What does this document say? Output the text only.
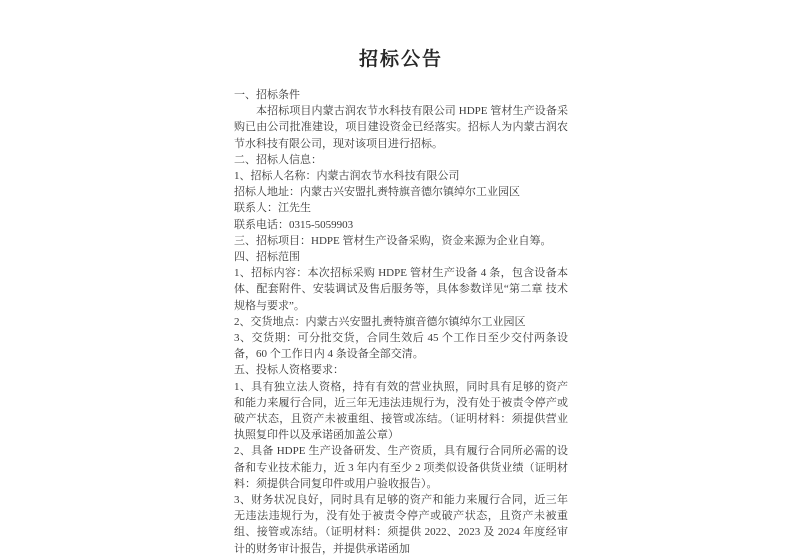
招标公告

一、招标条件

本招标项目内蒙古润农节水科技有限公司 HDPE 管材生产设备采购已由公司批准建设，项目建设资金已经落实。招标人为内蒙古润农节水科技有限公司，现对该项目进行招标。

二、招标人信息：

1、招标人名称：内蒙古润农节水科技有限公司

招标人地址：内蒙古兴安盟扎赉特旗音德尔镇绰尔工业园区

联系人：江先生

联系电话：0315-5059903

三、招标项目：HDPE 管材生产设备采购，资金来源为企业自筹。

四、招标范围

1、招标内容：本次招标采购 HDPE 管材生产设备 4 条，包含设备本体、配套附件、安装调试及售后服务等，具体参数详见“第二章 技术规格与要求”。

2、交货地点：内蒙古兴安盟扎赉特旗音德尔镇绰尔工业园区

3、交货期：可分批交货，合同生效后 45 个工作日至少交付两条设备，60 个工作日内 4 条设备全部交清。

五、投标人资格要求：

1、具有独立法人资格，持有有效的营业执照，同时具有足够的资产和能力来履行合同，近三年无违法违规行为，没有处于被责令停产或破产状态，且资产未被重组、接管或冻结。（证明材料：须提供营业执照复印件以及承诺函加盖公章）

2、具备 HDPE 生产设备研发、生产资质，具有履行合同所必需的设备和专业技术能力，近 3 年内有至少 2 项类似设备供货业绩（证明材料：须提供合同复印件或用户验收报告）。

3、财务状况良好，同时具有足够的资产和能力来履行合同，近三年无违法违规行为，没有处于被责令停产或破产状态，且资产未被重组、接管或冻结。（证明材料：须提供 2022、2023 及 2024 年度经审计的财务审计报告，并提供承诺函加
